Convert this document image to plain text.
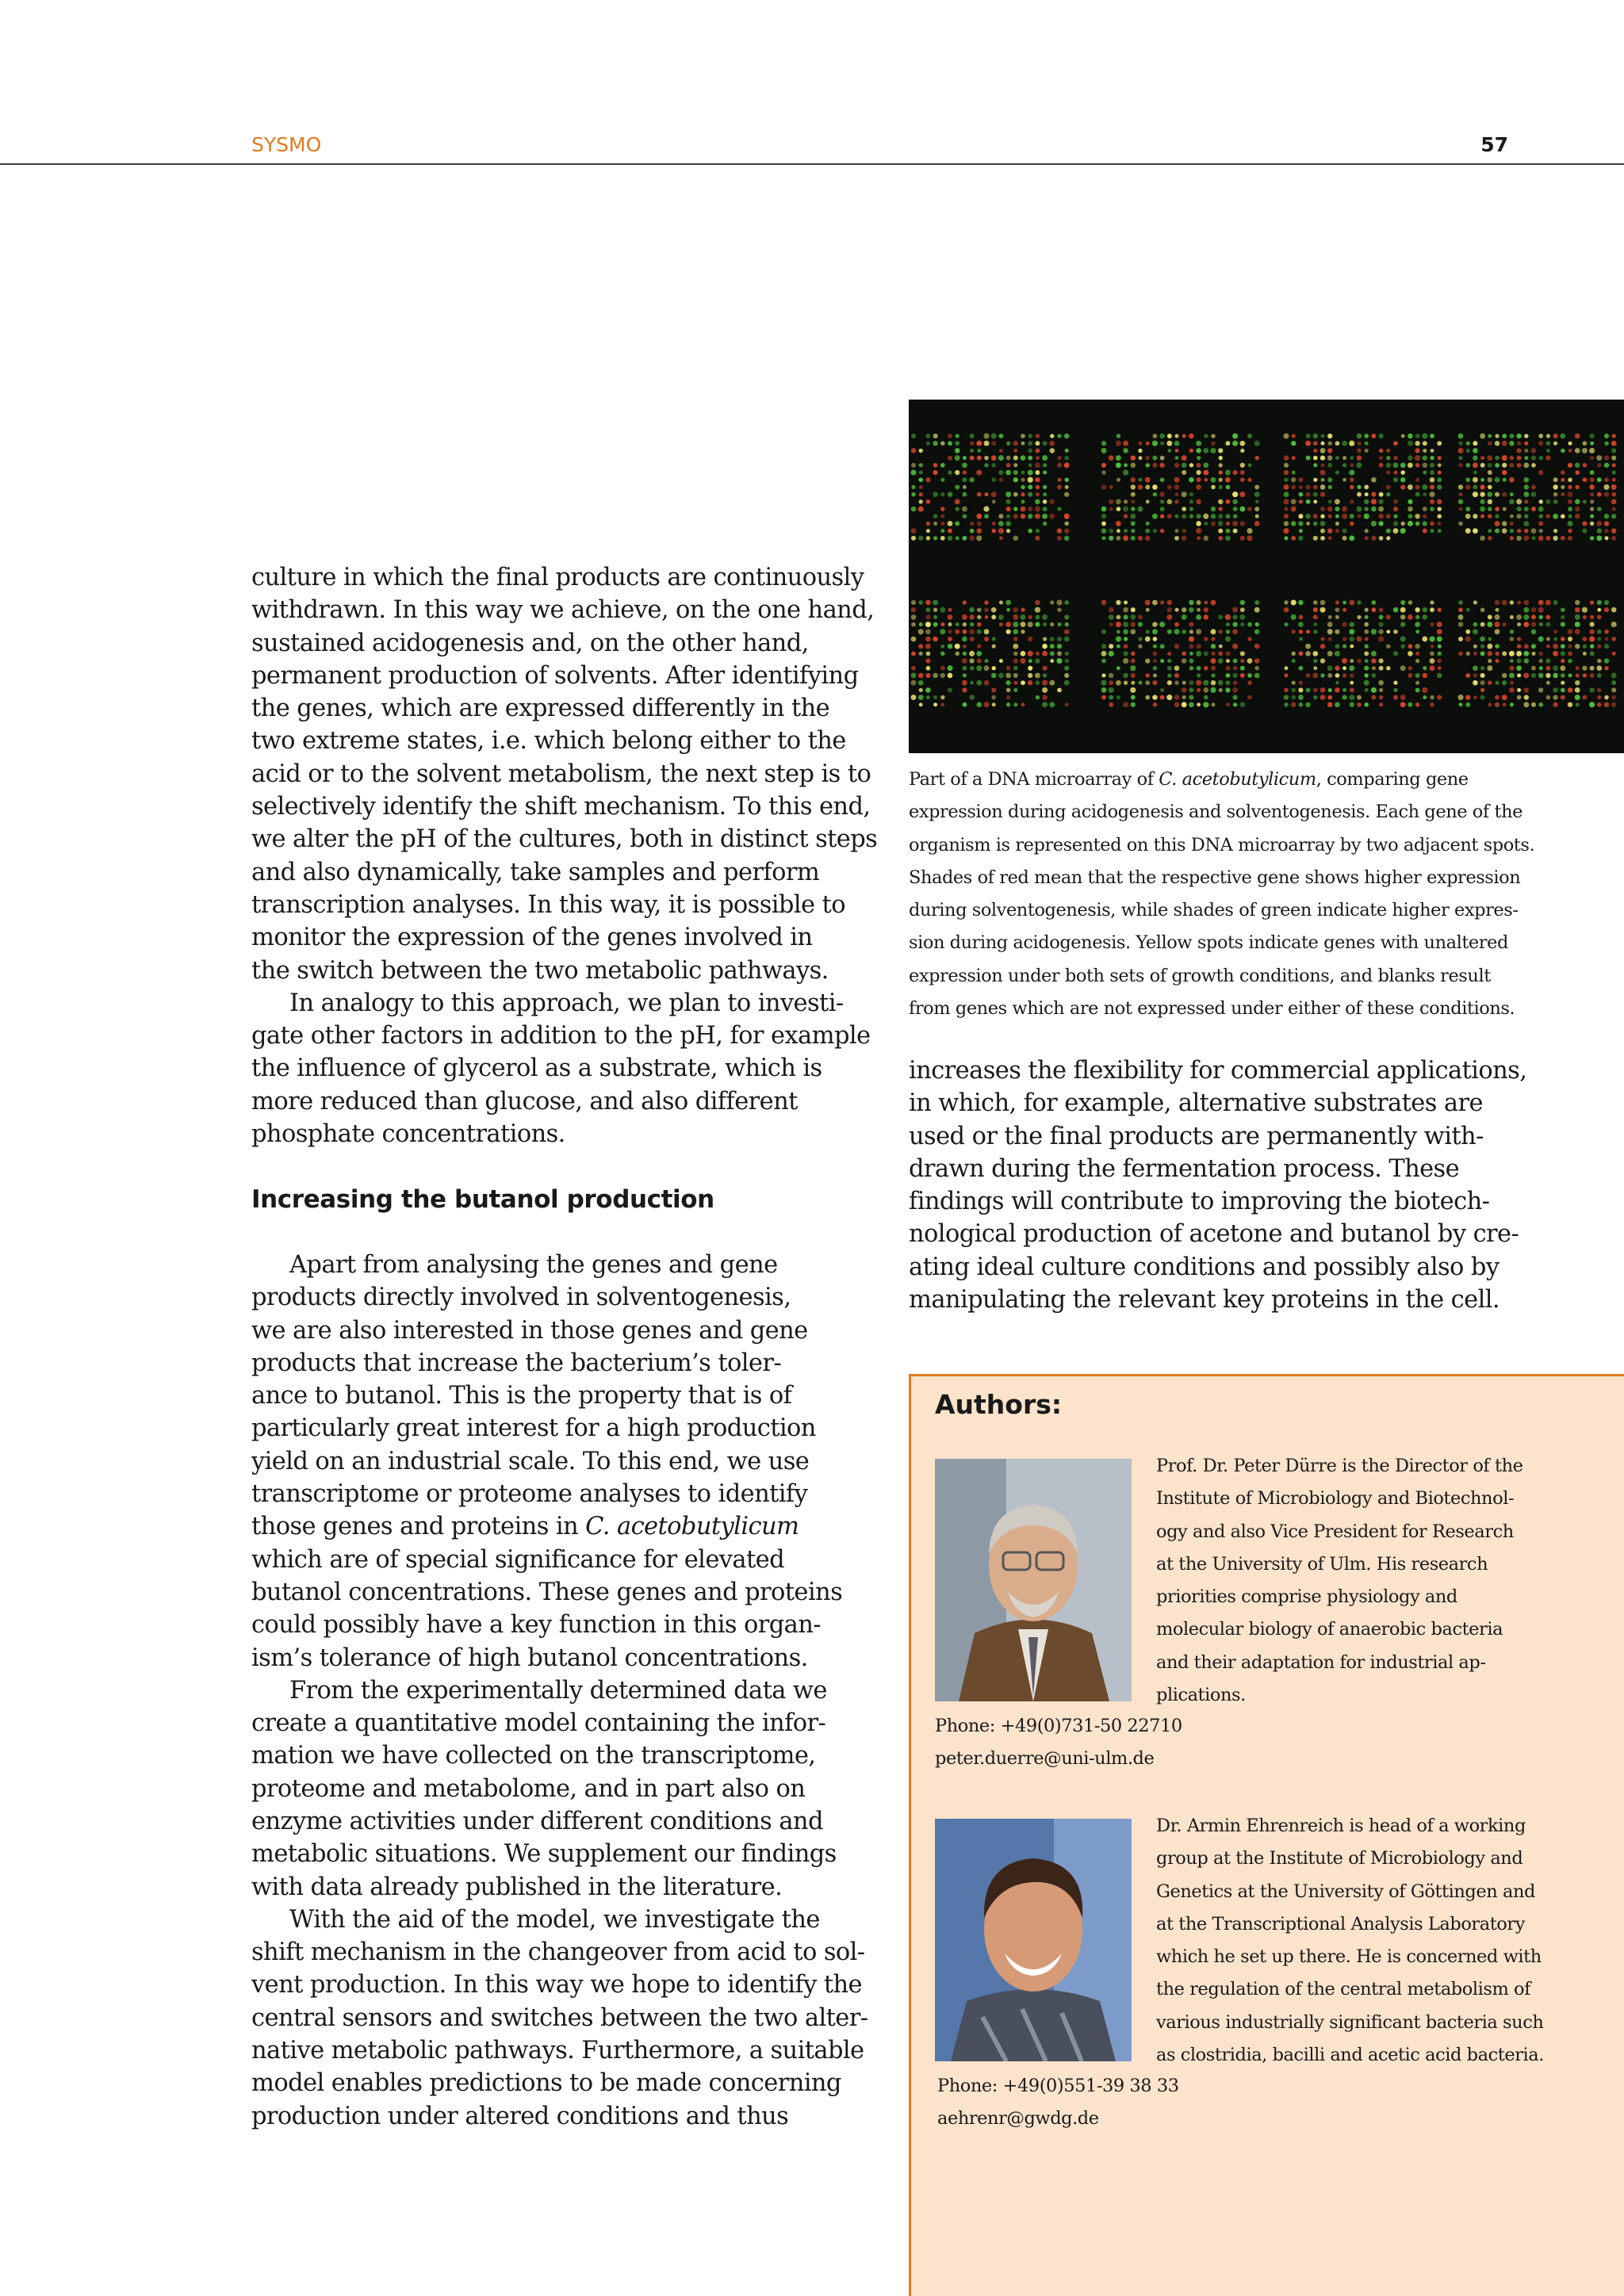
SYSMO	57

culture in which the final products are continuously

withdrawn. In this way we achieve, on the one hand,

sustained acidogenesis and, on the other hand,

permanent production of solvents. After identifying

the genes, which are expressed differently in the

two extreme states, i.e. which belong either to the

acid or to the solvent metabolism, the next step is to

selectively identify the shift mechanism. To this end,

we alter the pH of the cultures, both in distinct steps

and also dynamically, take samples and perform

transcription analyses. In this way, it is possible to

monitor the expression of the genes involved in

the switch between the two metabolic pathways.

In analogy to this approach, we plan to investi-

gate other factors in addition to the pH, for example

the influence of glycerol as a substrate, which is

more reduced than glucose, and also different

phosphate concentrations.

Increasing the butanol production

Apart from analysing the genes and gene

products directly involved in solventogenesis,

we are also interested in those genes and gene

products that increase the bacterium’s toler-

ance to butanol. This is the property that is of

particularly great interest for a high production

yield on an industrial scale. To this end, we use

transcriptome or proteome analyses to identify

those genes and proteins in C. acetobutylicum

which are of special significance for elevated

butanol concentrations. These genes and proteins

could possibly have a key function in this organ-

ism’s tolerance of high butanol concentrations.

From the experimentally determined data we

create a quantitative model containing the infor-

mation we have collected on the transcriptome,

proteome and metabolome, and in part also on

enzyme activities under different conditions and

metabolic situations. We supplement our findings

with data already published in the literature.

With the aid of the model, we investigate the

shift mechanism in the changeover from acid to sol-

vent production. In this way we hope to identify the

central sensors and switches between the two alter-

native metabolic pathways. Furthermore, a suitable

model enables predictions to be made concerning

production under altered conditions and thus

Part of a DNA microarray of C. acetobutylicum, comparing gene

expression during acidogenesis and solventogenesis. Each gene of the

organism is represented on this DNA microarray by two adjacent spots.

Shades of red mean that the respective gene shows higher expression

during solventogenesis, while shades of green indicate higher expres-

sion during acidogenesis. Yellow spots indicate genes with unaltered

expression under both sets of growth conditions, and blanks result

from genes which are not expressed under either of these conditions.

increases the flexibility for commercial applications,

in which, for example, alternative substrates are

used or the final products are permanently with-

drawn during the fermentation process. These

findings will contribute to improving the biotech-

nological production of acetone and butanol by cre-

ating ideal culture conditions and possibly also by

manipulating the relevant key proteins in the cell.

Authors:

Prof. Dr. Peter Dürre is the Director of the

Institute of Microbiology and Biotechnol-

ogy and also Vice President for Research

at the University of Ulm. His research

priorities comprise physiology and

molecular biology of anaerobic bacteria

and their adaptation for industrial ap-

plications.

Phone: +49(0)731-50 22710

peter.duerre@uni-ulm.de

Dr. Armin Ehrenreich is head of a working

group at the Institute of Microbiology and

Genetics at the University of Göttingen and

at the Transcriptional Analysis Laboratory

which he set up there. He is concerned with

the regulation of the central metabolism of

various industrially significant bacteria such

as clostridia, bacilli and acetic acid bacteria.

Phone: +49(0)551-39 38 33

aehrenr@gwdg.de
